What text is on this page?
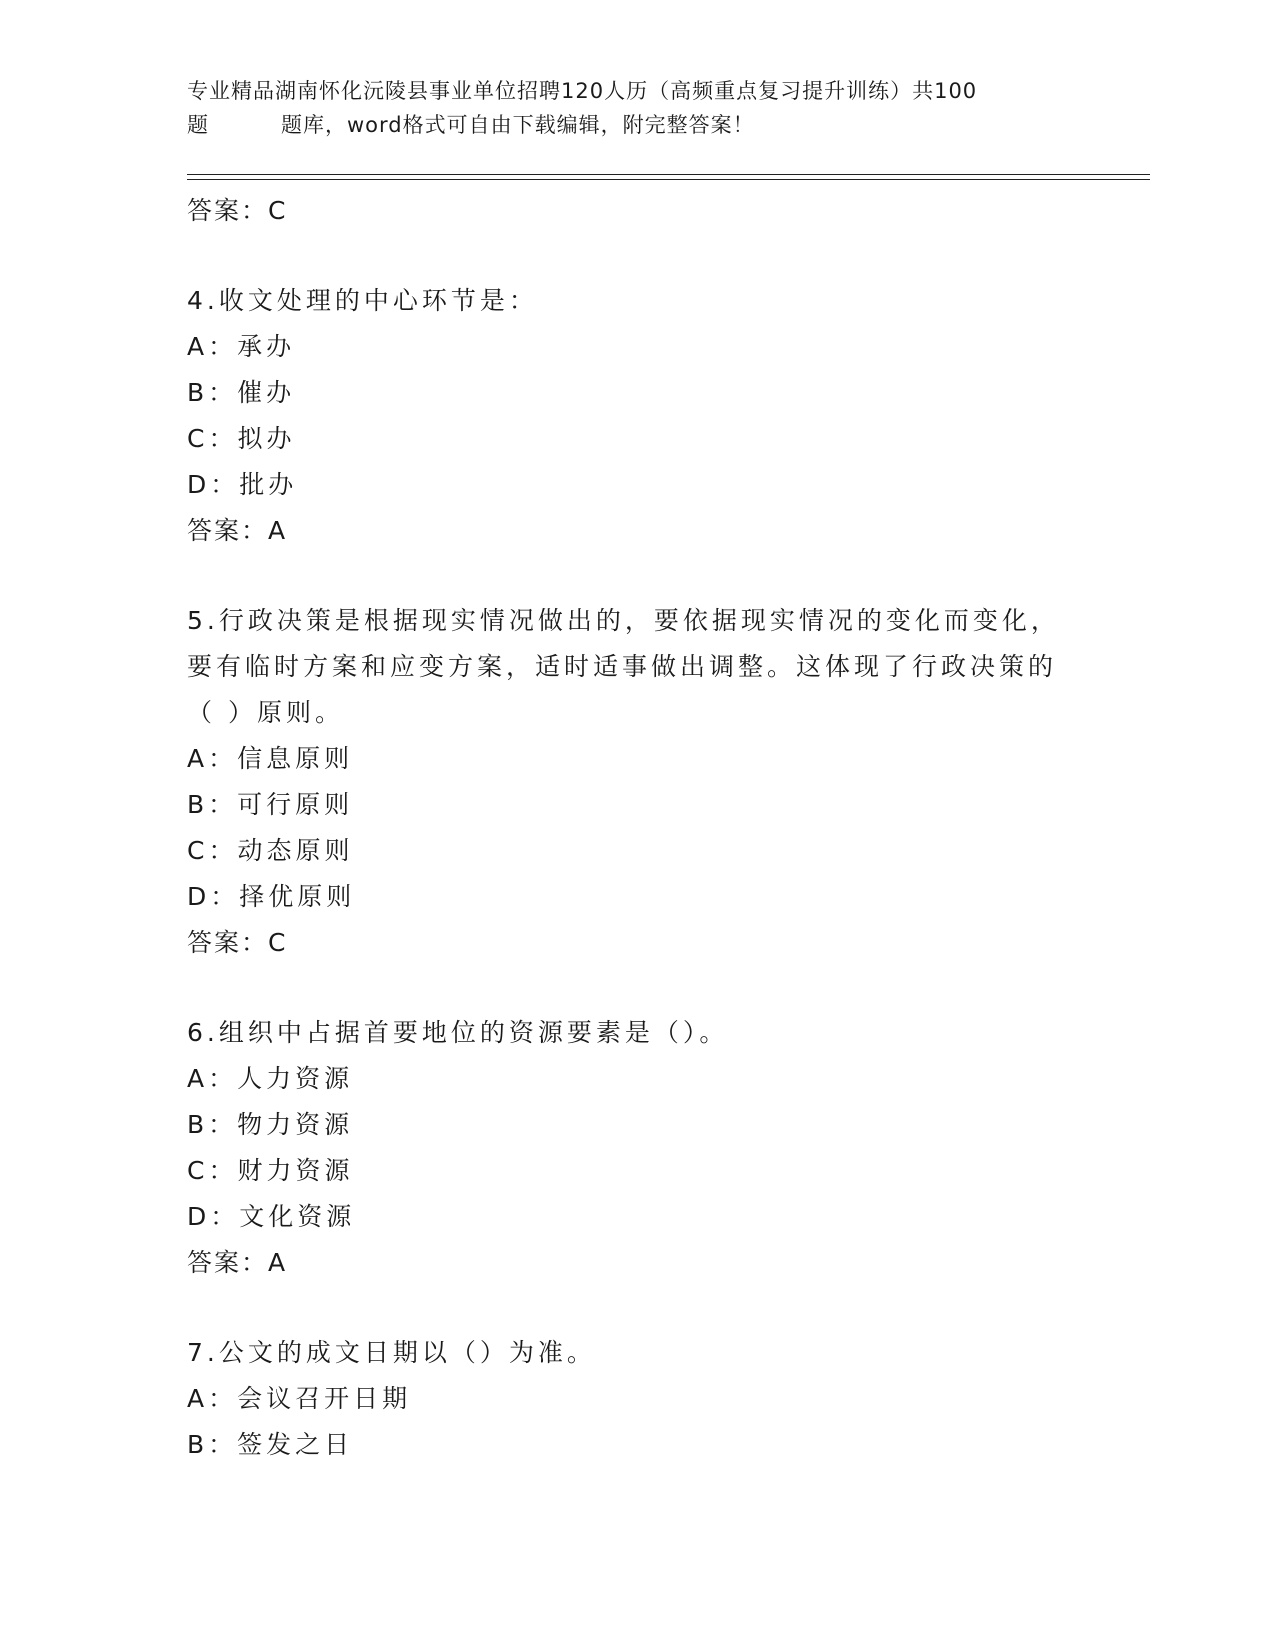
专业精品湖南怀化沅陵县事业单位招聘120人历（高频重点复习提升训练）共100
题	题库，word格式可自由下载编辑，附完整答案！
答案：C
4.收文处理的中心环节是：
A：承办
B：催办
C：拟办
D：批办
答案：A
5.行政决策是根据现实情况做出的，要依据现实情况的变化而变化，
要有临时方案和应变方案，适时适事做出调整。这体现了行政决策的
（ ）原则。
A：信息原则
B：可行原则
C：动态原则
D：择优原则
答案：C
6.组织中占据首要地位的资源要素是（）。
A：人力资源
B：物力资源
C：财力资源
D：文化资源
答案：A
7.公文的成文日期以（）为准。
A：会议召开日期
B：签发之日
